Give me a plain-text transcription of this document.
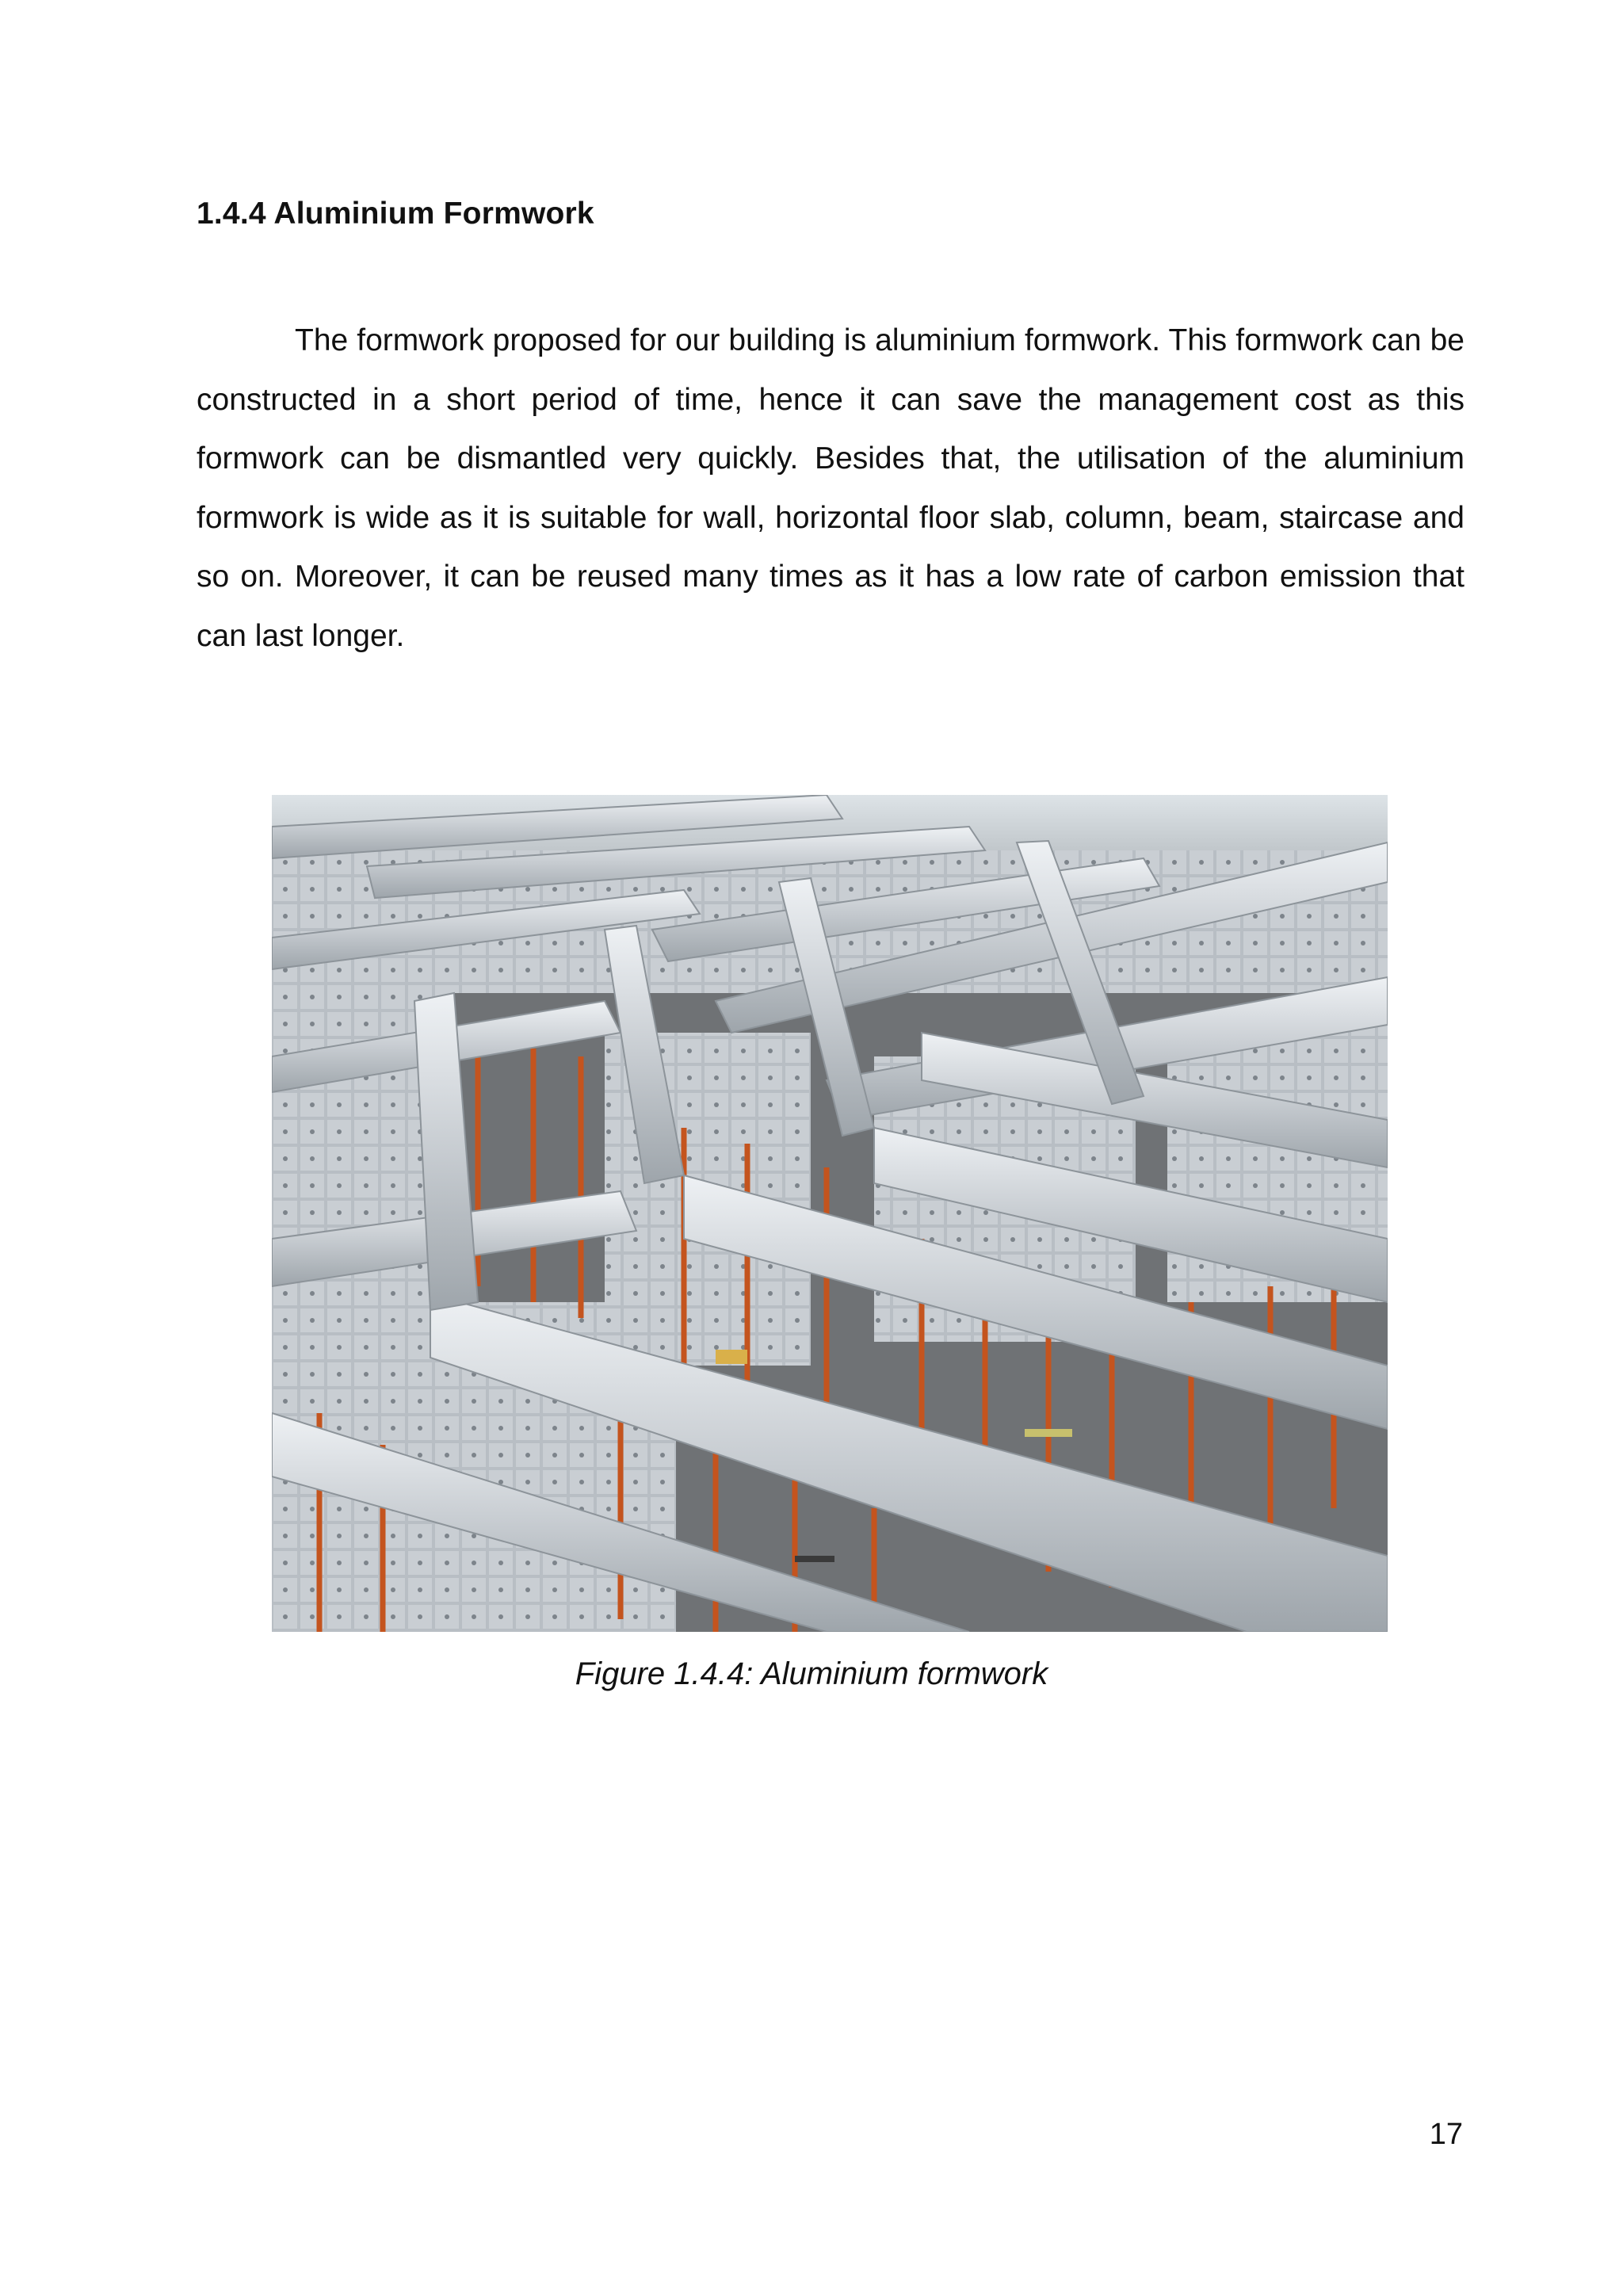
1.4.4 Aluminium Formwork

The formwork proposed for our building is aluminium formwork. This formwork can be constructed in a short period of time, hence it can save the management cost as this formwork can be dismantled very quickly. Besides that, the utilisation of the aluminium formwork is wide as it is suitable for wall, horizontal floor slab, column, beam, staircase and so on. Moreover, it can be reused many times as it has a low rate of carbon emission that can last longer.

Figure 1.4.4: Aluminium formwork

17
